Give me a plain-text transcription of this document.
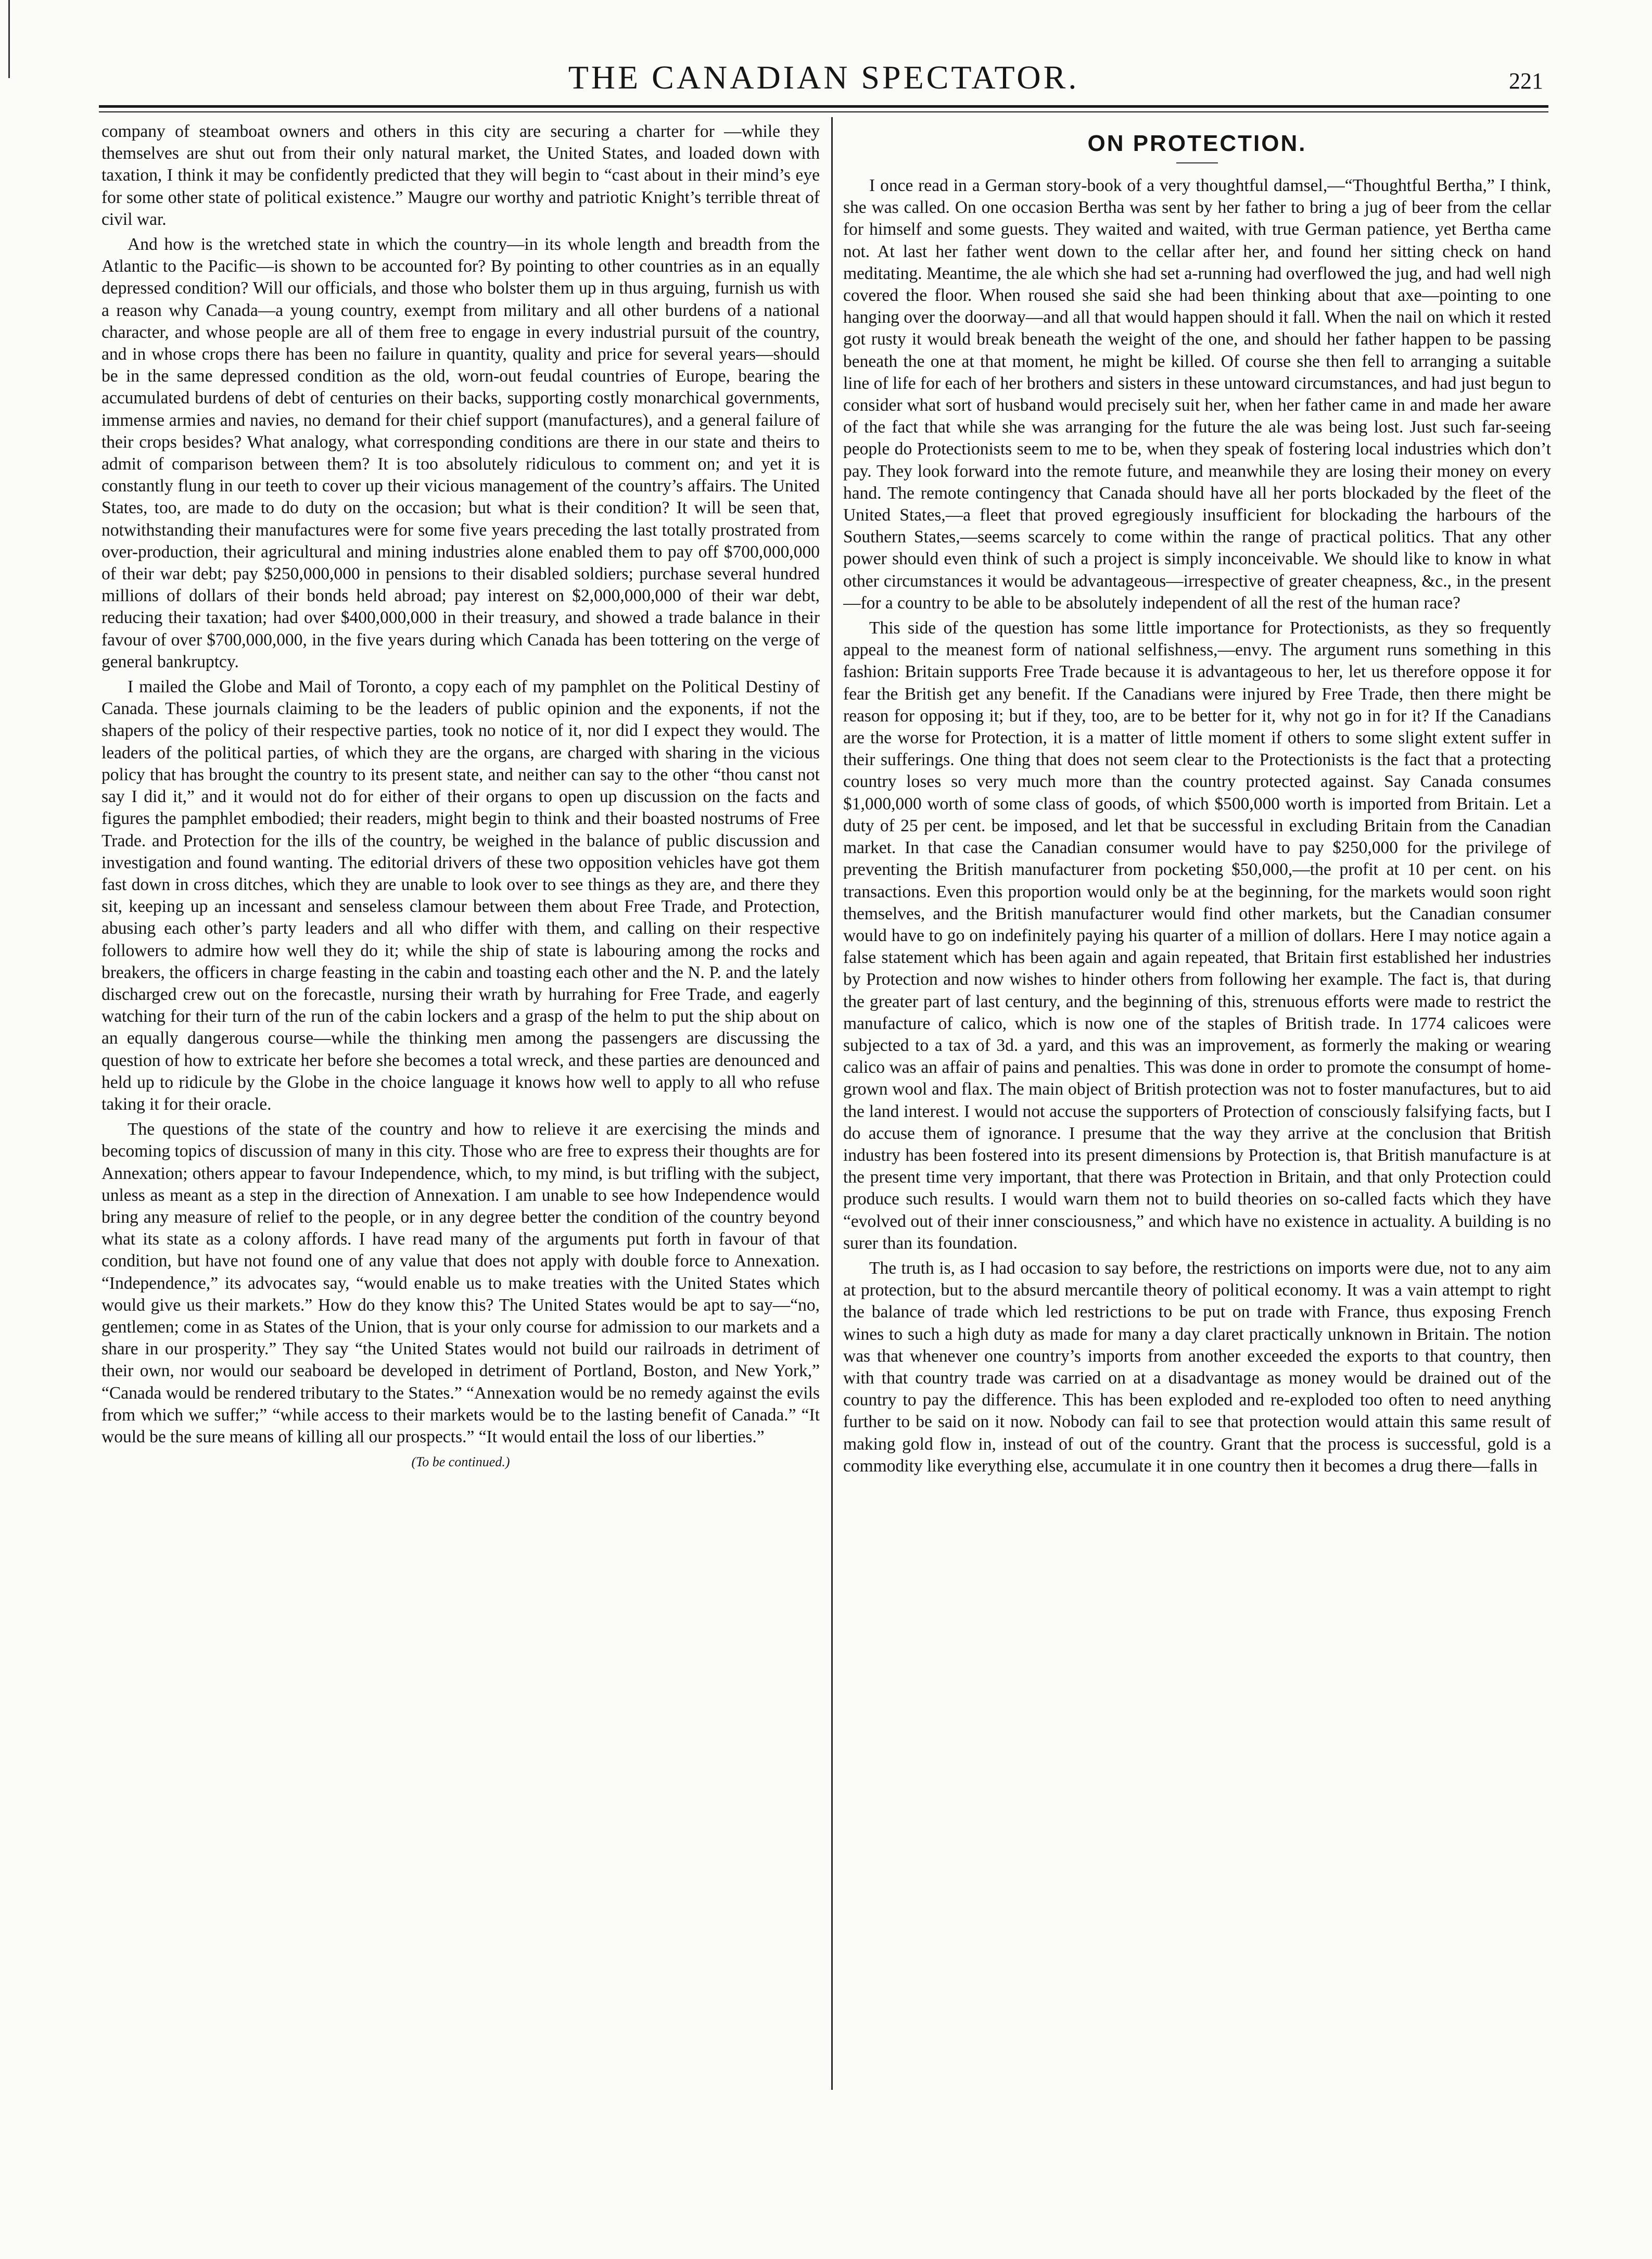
THE CANADIAN SPECTATOR.	221

company of steamboat owners and others in this city are securing a charter for —while they themselves are shut out from their only natural market, the United States, and loaded down with taxation, I think it may be confidently predicted that they will begin to “cast about in their mind’s eye for some other state of political existence.” Maugre our worthy and patriotic Knight’s terrible threat of civil war.

And how is the wretched state in which the country—in its whole length and breadth from the Atlantic to the Pacific—is shown to be accounted for? By pointing to other countries as in an equally depressed condition? Will our officials, and those who bolster them up in thus arguing, furnish us with a reason why Canada—a young country, exempt from military and all other burdens of a national character, and whose people are all of them free to engage in every industrial pursuit of the country, and in whose crops there has been no failure in quantity, quality and price for several years—should be in the same depressed condition as the old, worn-out feudal countries of Europe, bearing the accumulated burdens of debt of centuries on their backs, supporting costly monarchical governments, immense armies and navies, no demand for their chief support (manufactures), and a general failure of their crops besides? What analogy, what corresponding conditions are there in our state and theirs to admit of comparison between them? It is too absolutely ridiculous to comment on; and yet it is constantly flung in our teeth to cover up their vicious management of the country’s affairs. The United States, too, are made to do duty on the occasion; but what is their condition? It will be seen that, notwithstanding their manufactures were for some five years preceding the last totally prostrated from over-production, their agricultural and mining industries alone enabled them to pay off $700,000,000 of their war debt; pay $250,000,000 in pensions to their disabled soldiers; purchase several hundred millions of dollars of their bonds held abroad; pay interest on $2,000,000,000 of their war debt, reducing their taxation; had over $400,000,000 in their treasury, and showed a trade balance in their favour of over $700,000,000, in the five years during which Canada has been tottering on the verge of general bankruptcy.

I mailed the Globe and Mail of Toronto, a copy each of my pamphlet on the Political Destiny of Canada. These journals claiming to be the leaders of public opinion and the exponents, if not the shapers of the policy of their respective parties, took no notice of it, nor did I expect they would. The leaders of the political parties, of which they are the organs, are charged with sharing in the vicious policy that has brought the country to its present state, and neither can say to the other “thou canst not say I did it,” and it would not do for either of their organs to open up discussion on the facts and figures the pamphlet embodied; their readers, might begin to think and their boasted nostrums of Free Trade. and Protection for the ills of the country, be weighed in the balance of public discussion and investigation and found wanting. The editorial drivers of these two opposition vehicles have got them fast down in cross ditches, which they are unable to look over to see things as they are, and there they sit, keeping up an incessant and senseless clamour between them about Free Trade, and Protection, abusing each other’s party leaders and all who differ with them, and calling on their respective followers to admire how well they do it; while the ship of state is labouring among the rocks and breakers, the officers in charge feasting in the cabin and toasting each other and the N. P. and the lately discharged crew out on the forecastle, nursing their wrath by hurrahing for Free Trade, and eagerly watching for their turn of the run of the cabin lockers and a grasp of the helm to put the ship about on an equally dangerous course—while the thinking men among the passengers are discussing the question of how to extricate her before she becomes a total wreck, and these parties are denounced and held up to ridicule by the Globe in the choice language it knows how well to apply to all who refuse taking it for their oracle.

The questions of the state of the country and how to relieve it are exercising the minds and becoming topics of discussion of many in this city. Those who are free to express their thoughts are for Annexation; others appear to favour Independence, which, to my mind, is but trifling with the subject, unless as meant as a step in the direction of Annexation. I am unable to see how Independence would bring any measure of relief to the people, or in any degree better the condition of the country beyond what its state as a colony affords. I have read many of the arguments put forth in favour of that condition, but have not found one of any value that does not apply with double force to Annexation. “Independence,” its advocates say, “would enable us to make treaties with the United States which would give us their markets.” How do they know this? The United States would be apt to say—“no, gentlemen; come in as States of the Union, that is your only course for admission to our markets and a share in our prosperity.” They say “the United States would not build our railroads in detriment of their own, nor would our seaboard be developed in detriment of Portland, Boston, and New York,” “Canada would be rendered tributary to the States.” “Annexation would be no remedy against the evils from which we suffer;” “while access to their markets would be to the lasting benefit of Canada.” “It would be the sure means of killing all our prospects.” “It would entail the loss of our liberties.”

(To be continued.)

ON PROTECTION.

I once read in a German story-book of a very thoughtful damsel,—“Thoughtful Bertha,” I think, she was called. On one occasion Bertha was sent by her father to bring a jug of beer from the cellar for himself and some guests. They waited and waited, with true German patience, yet Bertha came not. At last her father went down to the cellar after her, and found her sitting check on hand meditating. Meantime, the ale which she had set a-running had overflowed the jug, and had well nigh covered the floor. When roused she said she had been thinking about that axe—pointing to one hanging over the doorway—and all that would happen should it fall. When the nail on which it rested got rusty it would break beneath the weight of the one, and should her father happen to be passing beneath the one at that moment, he might be killed. Of course she then fell to arranging a suitable line of life for each of her brothers and sisters in these untoward circumstances, and had just begun to consider what sort of husband would precisely suit her, when her father came in and made her aware of the fact that while she was arranging for the future the ale was being lost. Just such far-seeing people do Protectionists seem to me to be, when they speak of fostering local industries which don’t pay. They look forward into the remote future, and meanwhile they are losing their money on every hand. The remote contingency that Canada should have all her ports blockaded by the fleet of the United States,—a fleet that proved egregiously insufficient for blockading the harbours of the Southern States,—seems scarcely to come within the range of practical politics. That any other power should even think of such a project is simply inconceivable. We should like to know in what other circumstances it would be advantageous—irrespective of greater cheapness, &c., in the present—for a country to be able to be absolutely independent of all the rest of the human race?

This side of the question has some little importance for Protectionists, as they so frequently appeal to the meanest form of national selfishness,—envy. The argument runs something in this fashion: Britain supports Free Trade because it is advantageous to her, let us therefore oppose it for fear the British get any benefit. If the Canadians were injured by Free Trade, then there might be reason for opposing it; but if they, too, are to be better for it, why not go in for it? If the Canadians are the worse for Protection, it is a matter of little moment if others to some slight extent suffer in their sufferings. One thing that does not seem clear to the Protectionists is the fact that a protecting country loses so very much more than the country protected against. Say Canada consumes $1,000,000 worth of some class of goods, of which $500,000 worth is imported from Britain. Let a duty of 25 per cent. be imposed, and let that be successful in excluding Britain from the Canadian market. In that case the Canadian consumer would have to pay $250,000 for the privilege of preventing the British manufacturer from pocketing $50,000,—the profit at 10 per cent. on his transactions. Even this proportion would only be at the beginning, for the markets would soon right themselves, and the British manufacturer would find other markets, but the Canadian consumer would have to go on indefinitely paying his quarter of a million of dollars. Here I may notice again a false statement which has been again and again repeated, that Britain first established her industries by Protection and now wishes to hinder others from following her example. The fact is, that during the greater part of last century, and the beginning of this, strenuous efforts were made to restrict the manufacture of calico, which is now one of the staples of British trade. In 1774 calicoes were subjected to a tax of 3d. a yard, and this was an improvement, as formerly the making or wearing calico was an affair of pains and penalties. This was done in order to promote the consumpt of home-grown wool and flax. The main object of British protection was not to foster manufactures, but to aid the land interest. I would not accuse the supporters of Protection of consciously falsifying facts, but I do accuse them of ignorance. I presume that the way they arrive at the conclusion that British industry has been fostered into its present dimensions by Protection is, that British manufacture is at the present time very important, that there was Protection in Britain, and that only Protection could produce such results. I would warn them not to build theories on so-called facts which they have “evolved out of their inner consciousness,” and which have no existence in actuality. A building is no surer than its foundation.

The truth is, as I had occasion to say before, the restrictions on imports were due, not to any aim at protection, but to the absurd mercantile theory of political economy. It was a vain attempt to right the balance of trade which led restrictions to be put on trade with France, thus exposing French wines to such a high duty as made for many a day claret practically unknown in Britain. The notion was that whenever one country’s imports from another exceeded the exports to that country, then with that country trade was carried on at a disadvantage as money would be drained out of the country to pay the difference. This has been exploded and re-exploded too often to need anything further to be said on it now. Nobody can fail to see that protection would attain this same result of making gold flow in, instead of out of the country. Grant that the process is successful, gold is a commodity like everything else, accumulate it in one country then it becomes a drug there—falls in
